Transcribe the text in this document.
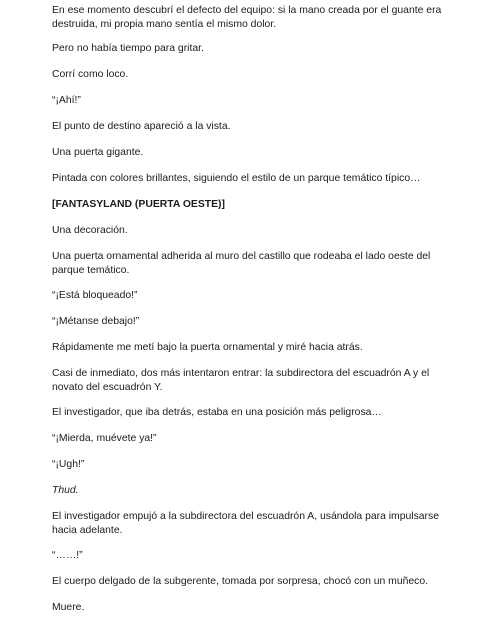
En ese momento descubrí el defecto del equipo: si la mano creada por el guante era destruida, mi propia mano sentía el mismo dolor.

Pero no había tiempo para gritar.

Corrí como loco.

“¡Ahí!”

El punto de destino apareció a la vista.

Una puerta gigante.

Pintada con colores brillantes, siguiendo el estilo de un parque temático típico…

[FANTASYLAND (PUERTA OESTE)]

Una decoración.

Una puerta ornamental adherida al muro del castillo que rodeaba el lado oeste del parque temático.

“¡Está bloqueado!”

“¡Métanse debajo!”

Rápidamente me metí bajo la puerta ornamental y miré hacia atrás.

Casi de inmediato, dos más intentaron entrar: la subdirectora del escuadrón A y el novato del escuadrón Y.

El investigador, que iba detrás, estaba en una posición más peligrosa…

“¡Mierda, muévete ya!”

“¡Ugh!”

Thud.

El investigador empujó a la subdirectora del escuadrón A, usándola para impulsarse hacia adelante.

“……!”

El cuerpo delgado de la subgerente, tomada por sorpresa, chocó con un muñeco.

Muere.
